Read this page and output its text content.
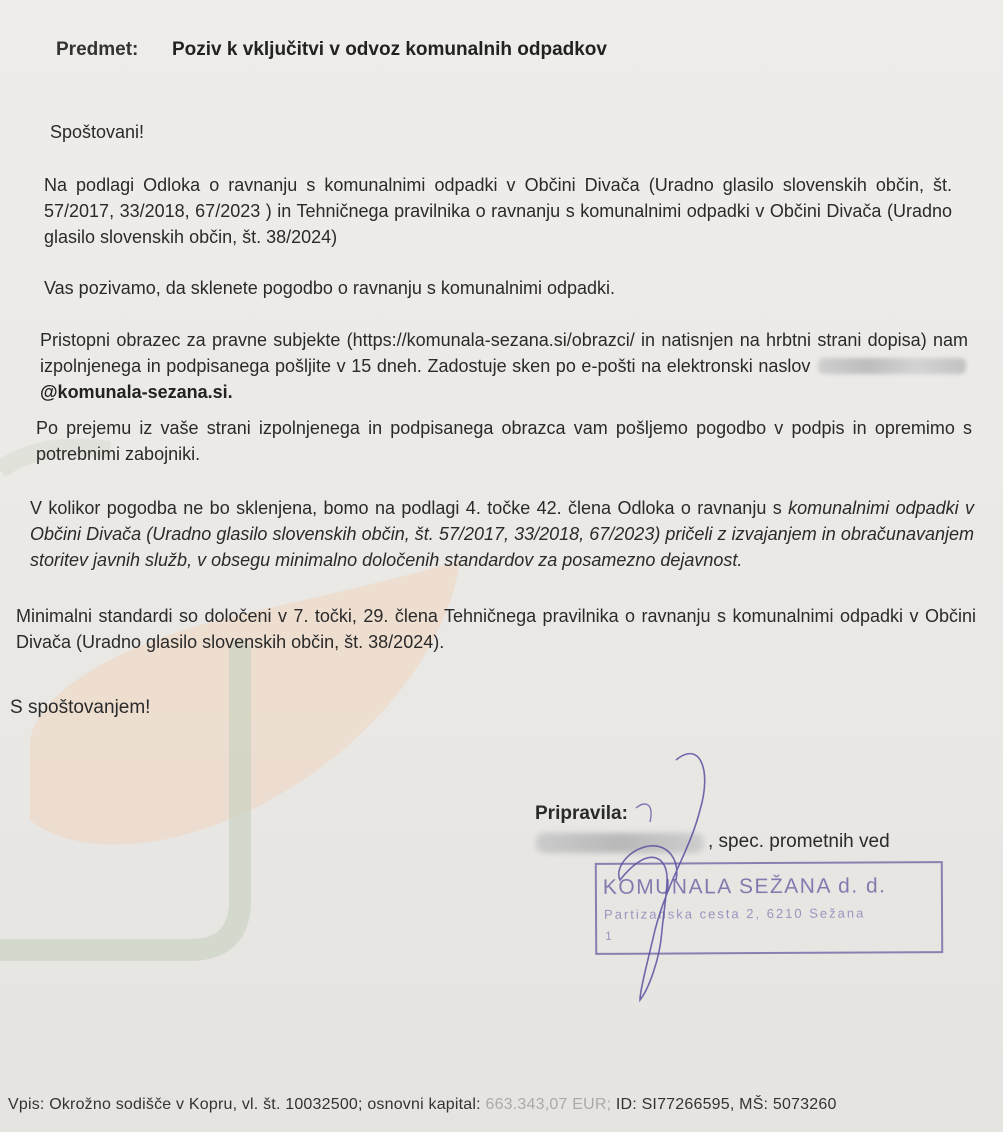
Predmet: Poziv k vključitvi v odvoz komunalnih odpadkov
Spoštovani!
Na podlagi Odloka o ravnanju s komunalnimi odpadki v Občini Divača (Uradno glasilo slovenskih občin, št. 57/2017, 33/2018, 67/2023 ) in Tehničnega pravilnika o ravnanju s komunalnimi odpadki v Občini Divača (Uradno glasilo slovenskih občin, št. 38/2024)
Vas pozivamo, da sklenete pogodbo o ravnanju s komunalnimi odpadki.
Pristopni obrazec za pravne subjekte (https://komunala-sezana.si/obrazci/ in natisnjen na hrbtni strani dopisa) nam izpolnjenega in podpisanega pošljite v 15 dneh. Zadostuje sken po e-pošti na elektronski naslov @komunala-sezana.si.
Po prejemu iz vaše strani izpolnjenega in podpisanega obrazca vam pošljemo pogodbo v podpis in opremimo s potrebnimi zabojniki.
V kolikor pogodba ne bo sklenjena, bomo na podlagi 4. točke 42. člena Odloka o ravnanju s komunalnimi odpadki v Občini Divača (Uradno glasilo slovenskih občin, št. 57/2017, 33/2018, 67/2023) pričeli z izvajanjem in obračunavanjem storitev javnih služb, v obsegu minimalno določenih standardov za posamezno dejavnost.
Minimalni standardi so določeni v 7. točki, 29. člena Tehničnega pravilnika o ravnanju s komunalnimi odpadki v Občini Divača (Uradno glasilo slovenskih občin, št. 38/2024).
S spoštovanjem!
Pripravila:
, spec. prometnih ved
KOMUNALA SEŽANA d. d.
Partizanska cesta 2, 6210 Sežana
1
Vpis: Okrožno sodišče v Kopru, vl. št. 10032500; osnovni kapital: 663.343,07 EUR; ID: SI77266595, MŠ: 5073260
